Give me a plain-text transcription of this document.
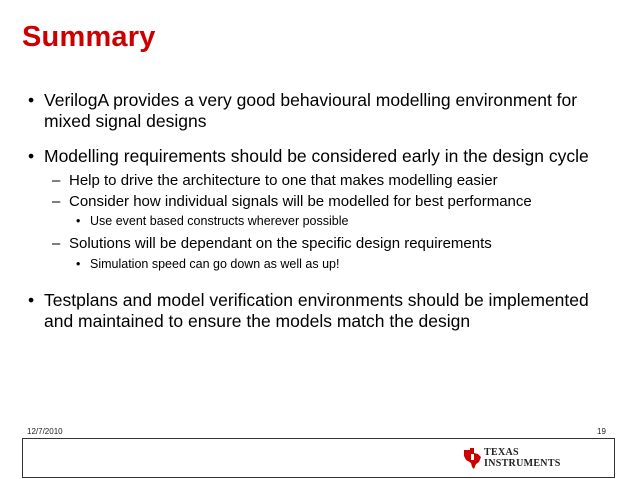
Summary
• VerilogA provides a very good behavioural modelling environment for
mixed signal designs
• Modelling requirements should be considered early in the design cycle
– Help to drive the architecture to one that makes modelling easier
– Consider how individual signals will be modelled for best performance
• Use event based constructs wherever possible
– Solutions will be dependant on the specific design requirements
• Simulation speed can go down as well as up!
• Testplans and model verification environments should be implemented
and maintained to ensure the models match the design
12/7/2010	19
TEXAS
INSTRUMENTS
